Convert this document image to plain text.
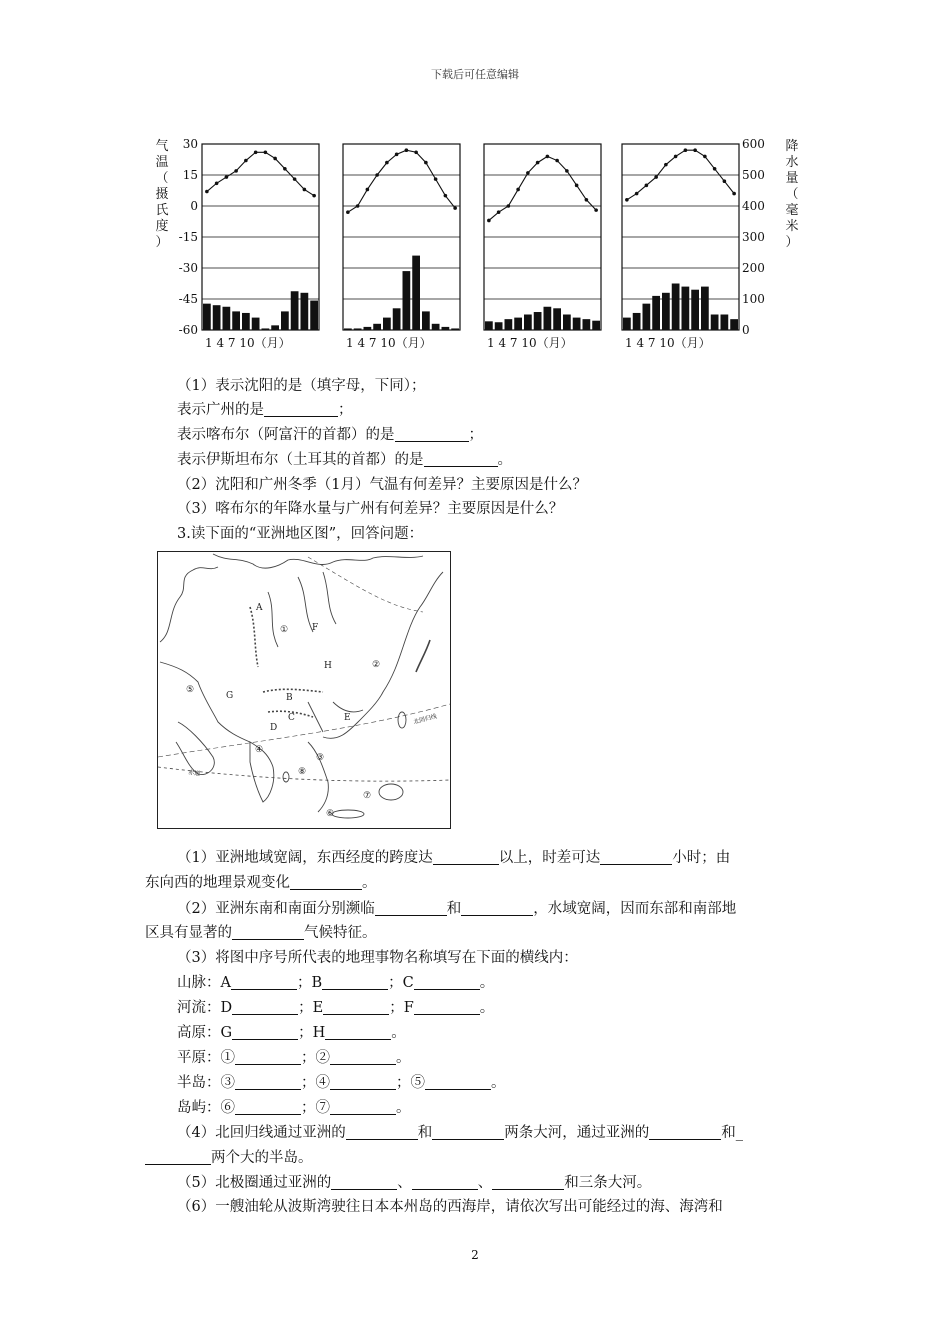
下载后可任意编辑
30
15
0
-15
-30
-45
-60
600
500
400
300
200
100
0
气
温
（
摄
氏
度
）
降
水
量
（
毫
米
）
1 4 7 10（月）	1 4 7 10（月）	1 4 7 10（月）	1 4 7 10（月）
（1）表示沈阳的是（填字母，下同）；
表示广州的是	；
表示喀布尔（阿富汗的首都）的是	；
表示伊斯坦布尔（土耳其的首都）的是	。
（2）沈阳和广州冬季（1月）气温有何差异？主要原因是什么？
（3）喀布尔的年降水量与广州有何差异？主要原因是什么？
3.读下面的“亚洲地区图”，回答问题：
A
B
C
D
E
F
G
H
①
②
③
④
⑤
⑥
⑦
⑧
北回归线
赤道
（1）亚洲地域宽阔，东西经度的跨度达	以上，时差可达	小时；由
东向西的地理景观变化	。
（2）亚洲东南和南面分别濒临	和	，水域宽阔，因而东部和南部地
区具有显著的	气候特征。
（3）将图中序号所代表的地理事物名称填写在下面的横线内：
山脉：A	；B	；C	。
河流：D	；E	；F	。
高原：G	；H	。
平原：①	；②	。
半岛：③	；④	；⑤	。
岛屿：⑥	；⑦	。
（4）北回归线通过亚洲的	和	两条大河，通过亚洲的	和_
两个大的半岛。
（5）北极圈通过亚洲的	、	、	和三条大河。
（6）一艘油轮从波斯湾驶往日本本州岛的西海岸，请依次写出可能经过的海、海湾和
2
